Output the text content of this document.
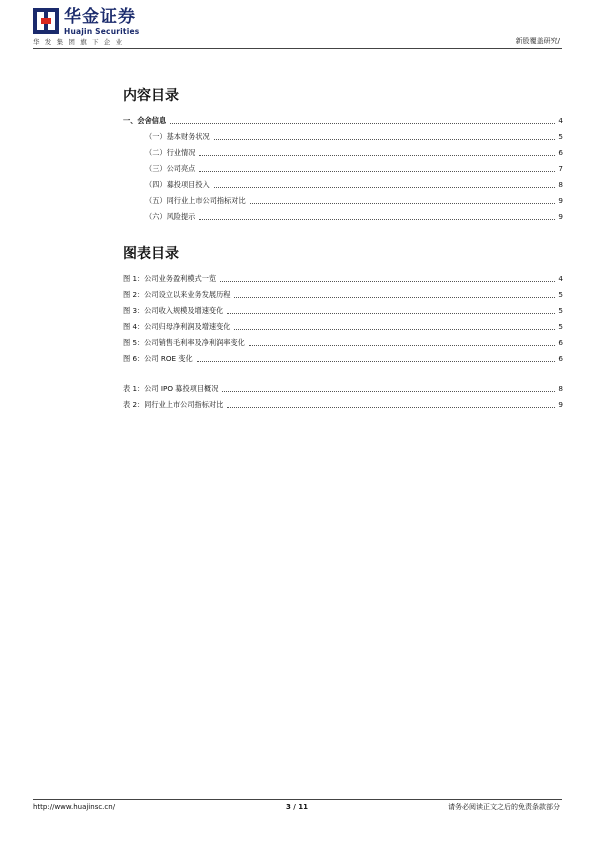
华金证券
Huajin Securities
华发集团旗下企业	新股覆盖研究/
内容目录
一、会舍信息	4
（一）基本财务状况	5
（二）行业情况	6
（三）公司亮点	7
（四）募投项目投入	8
（五）同行业上市公司指标对比	9
（六）风险提示	9
图表目录
图 1：公司业务盈利模式一览	4
图 2：公司设立以来业务发展历程	5
图 3：公司收入规模及增速变化	5
图 4：公司归母净利润及增速变化	5
图 5：公司销售毛利率及净利润率变化	6
图 6：公司 ROE 变化	6
表 1：公司 IPO 募投项目概况	8
表 2：同行业上市公司指标对比	9
http://www.huajinsc.cn/	3 / 11	请务必阅读正文之后的免责条款部分
